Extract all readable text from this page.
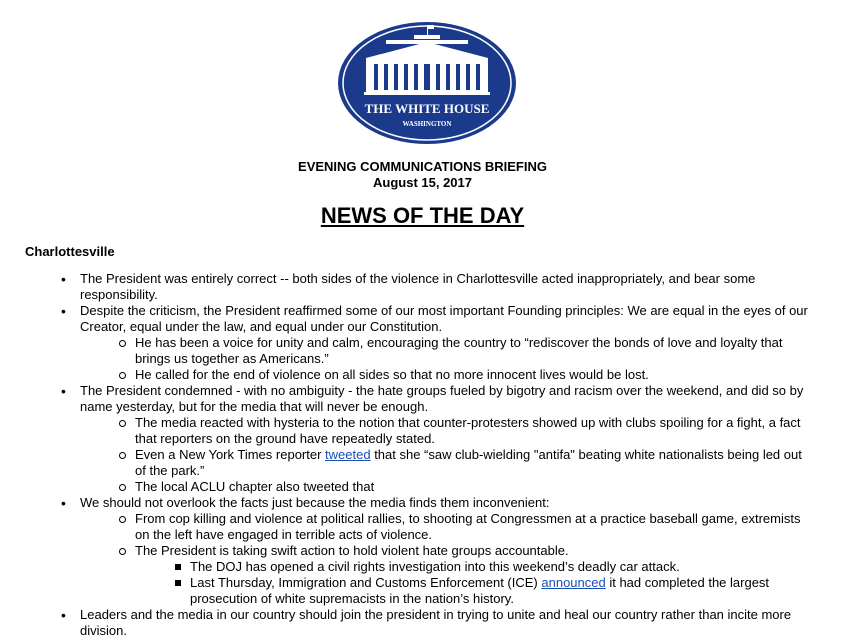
THE WHITE HOUSE
WASHINGTON
EVENING COMMUNICATIONS BRIEFING
August 15, 2017
NEWS OF THE DAY
Charlottesville
• The President was entirely correct -- both sides of the violence in Charlottesville acted inappropriately, and bear some responsibility.
• Despite the criticism, the President reaffirmed some of our most important Founding principles: We are equal in the eyes of our Creator, equal under the law, and equal under our Constitution.
He has been a voice for unity and calm, encouraging the country to “rediscover the bonds of love and loyalty that brings us together as Americans.”
He called for the end of violence on all sides so that no more innocent lives would be lost.
• The President condemned - with no ambiguity - the hate groups fueled by bigotry and racism over the weekend, and did so by name yesterday, but for the media that will never be enough.
The media reacted with hysteria to the notion that counter-protesters showed up with clubs spoiling for a fight, a fact that reporters on the ground have repeatedly stated.
Even a New York Times reporter tweeted that she “saw club-wielding "antifa" beating white nationalists being led out of the park.”
The local ACLU chapter also tweeted that
• We should not overlook the facts just because the media finds them inconvenient:
From cop killing and violence at political rallies, to shooting at Congressmen at a practice baseball game, extremists on the left have engaged in terrible acts of violence.
The President is taking swift action to hold violent hate groups accountable.
The DOJ has opened a civil rights investigation into this weekend’s deadly car attack.
Last Thursday, Immigration and Customs Enforcement (ICE) announced it had completed the largest prosecution of white supremacists in the nation’s history.
• Leaders and the media in our country should join the president in trying to unite and heal our country rather than incite more division.
